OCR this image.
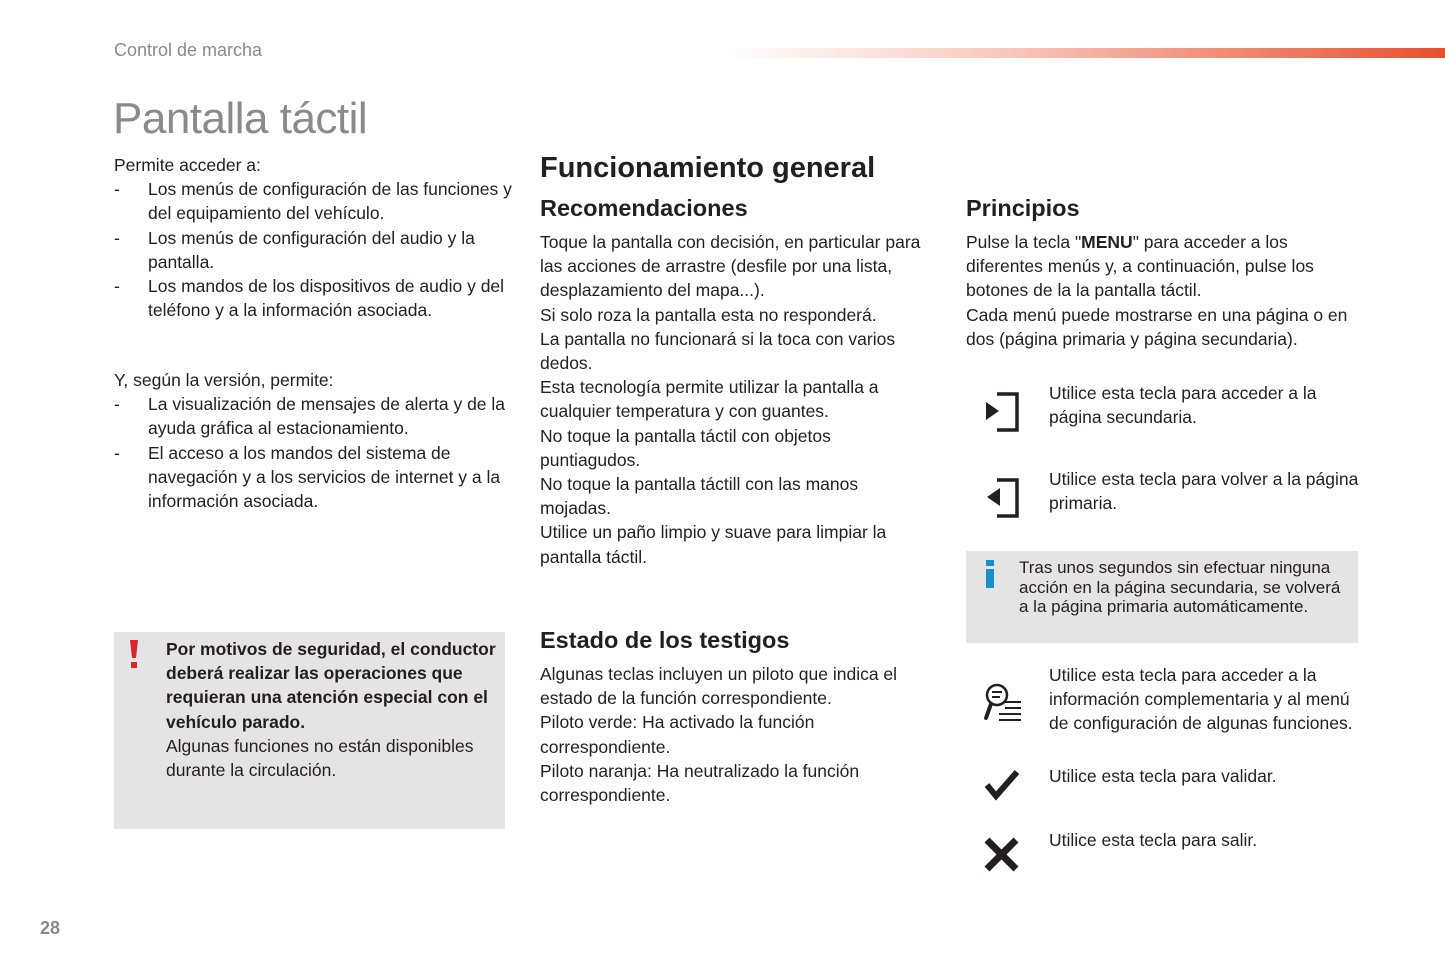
Control de marcha
Pantalla táctil

Permite acceder a:

- Los menús de configuración de las funciones y del equipamiento del vehículo.
- Los menús de configuración del audio y la pantalla.
- Los mandos de los dispositivos de audio y del teléfono y a la información asociada.

Y, según la versión, permite:

- La visualización de mensajes de alerta y de la ayuda gráfica al estacionamiento.
- El acceso a los mandos del sistema de navegación y a los servicios de internet y a la información asociada.
Por motivos de seguridad, el conductor deberá realizar las operaciones que requieran una atención especial con el vehículo parado.
Algunas funciones no están disponibles durante la circulación.
Funcionamiento general
Recomendaciones

Toque la pantalla con decisión, en particular para las acciones de arrastre (desfile por una lista, desplazamiento del mapa...).

Si solo roza la pantalla esta no responderá.

La pantalla no funcionará si la toca con varios dedos.

Esta tecnología permite utilizar la pantalla a cualquier temperatura y con guantes.

No toque la pantalla táctil con objetos puntiagudos.

No toque la pantalla táctill con las manos mojadas.

Utilice un paño limpio y suave para limpiar la pantalla táctil.

Estado de los testigos

Algunas teclas incluyen un piloto que indica el estado de la función correspondiente.

Piloto verde: Ha activado la función correspondiente.

Piloto naranja: Ha neutralizado la función correspondiente.

Principios

Pulse la tecla "MENU" para acceder a los diferentes menús y, a continuación, pulse los botones de la la pantalla táctil.

Cada menú puede mostrarse en una página o en dos (página primaria y página secundaria).

Utilice esta tecla para acceder a la página secundaria.
Utilice esta tecla para volver a la página primaria.
Tras unos segundos sin efectuar ninguna acción en la página secundaria, se volverá a la página primaria automáticamente.
Utilice esta tecla para acceder a la información complementaria y al menú de configuración de algunas funciones.
Utilice esta tecla para validar.
Utilice esta tecla para salir.
28
